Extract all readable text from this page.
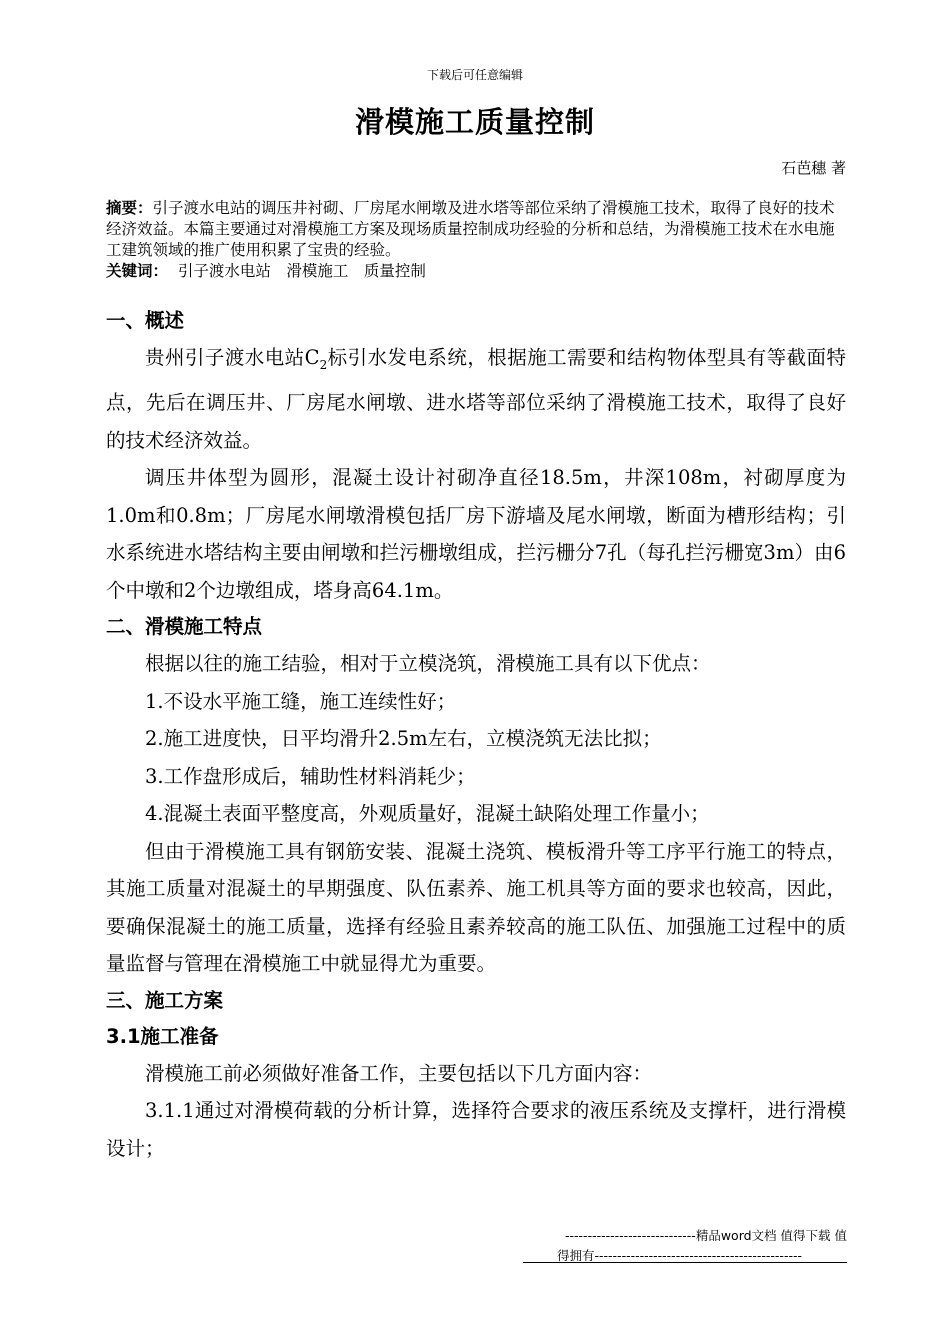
下载后可任意编辑
滑模施工质量控制
石芭穗 著
摘要：引子渡水电站的调压井衬砌、厂房尾水闸墩及进水塔等部位采纳了滑模施工技术，取得了良好的技术经济效益。本篇主要通过对滑模施工方案及现场质量控制成功经验的分析和总结，为滑模施工技术在水电施工建筑领域的推广使用积累了宝贵的经验。
关键词： 引子渡水电站　滑模施工　质量控制

一、概述

贵州引子渡水电站$C_2$标引水发电系统，根据施工需要和结构物体型具有等截面特点，先后在调压井、厂房尾水闸墩、进水塔等部位采纳了滑模施工技术，取得了良好的技术经济效益。

调压井体型为圆形，混凝土设计衬砌净直径18.5m，井深108m，衬砌厚度为1.0m和0.8m；厂房尾水闸墩滑模包括厂房下游墙及尾水闸墩，断面为槽形结构；引水系统进水塔结构主要由闸墩和拦污栅墩组成，拦污栅分7孔（每孔拦污栅宽3m）由6个中墩和2个边墩组成，塔身高64.1m。

二、滑模施工特点

根据以往的施工结验，相对于立模浇筑，滑模施工具有以下优点：

1.不设水平施工缝，施工连续性好；

2.施工进度快，日平均滑升2.5m左右，立模浇筑无法比拟；

3.工作盘形成后，辅助性材料消耗少；

4.混凝土表面平整度高，外观质量好，混凝土缺陷处理工作量小；

但由于滑模施工具有钢筋安装、混凝土浇筑、模板滑升等工序平行施工的特点，其施工质量对混凝土的早期强度、队伍素养、施工机具等方面的要求也较高，因此，要确保混凝土的施工质量，选择有经验且素养较高的施工队伍、加强施工过程中的质量监督与管理在滑模施工中就显得尤为重要。

三、施工方案

3.1施工准备

滑模施工前必须做好准备工作，主要包括以下几方面内容：

3.1.1通过对滑模荷载的分析计算，选择符合要求的液压系统及支撑杆，进行滑模设计；

-----------------------------精品word文档 值得下载 值
得拥有----------------------------------------------
